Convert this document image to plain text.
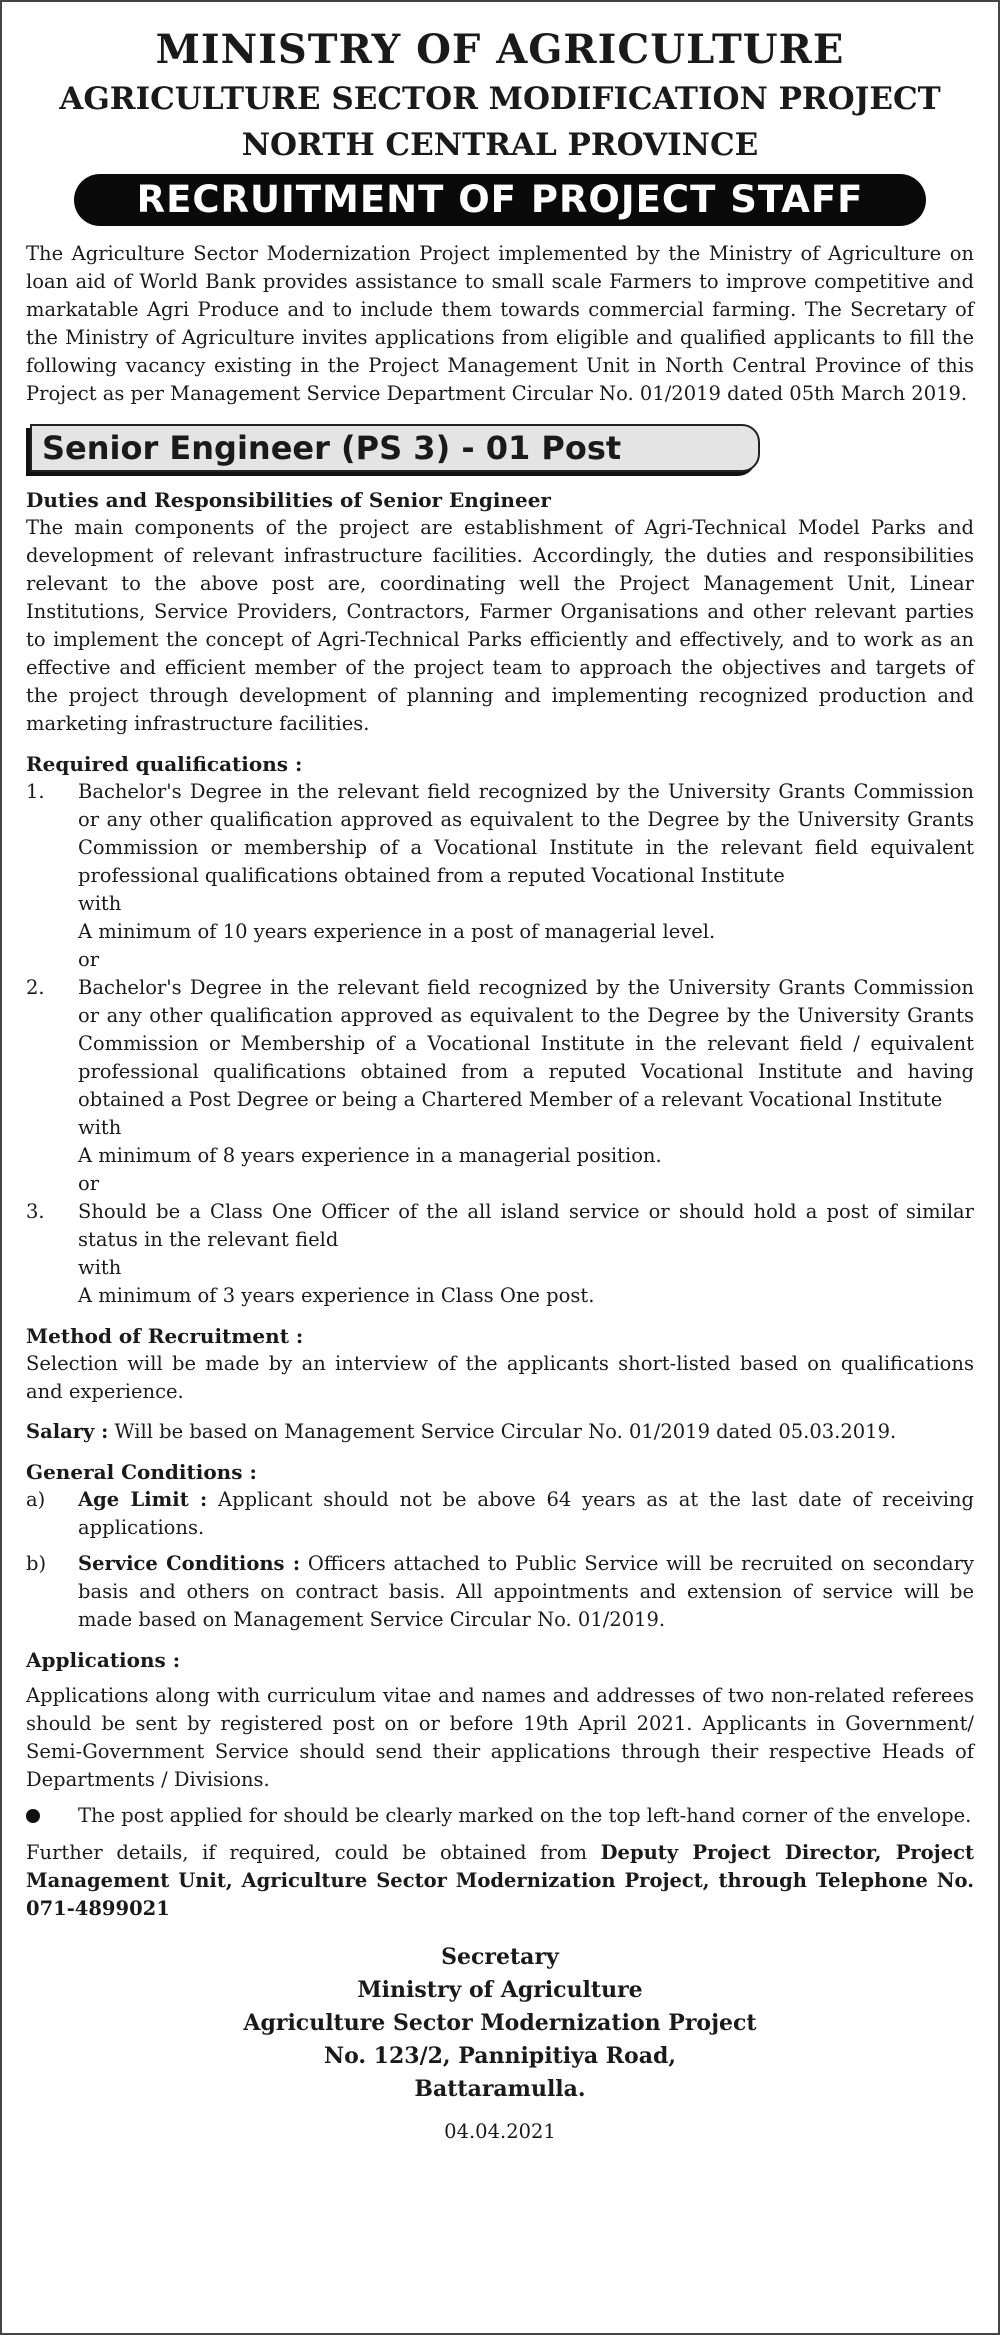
MINISTRY OF AGRICULTURE
AGRICULTURE SECTOR MODIFICATION PROJECT
NORTH CENTRAL PROVINCE
RECRUITMENT OF PROJECT STAFF

The Agriculture Sector Modernization Project implemented by the Ministry of Agriculture on loan aid of World Bank provides assistance to small scale Farmers to improve competitive and markatable Agri Produce and to include them towards commercial farming. The Secretary of the Ministry of Agriculture invites applications from eligible and qualified applicants to fill the following vacancy existing in the Project Management Unit in North Central Province of this Project as per Management Service Department Circular No. 01/2019 dated 05th March 2019.

Senior Engineer (PS 3) - 01 Post
Duties and Responsibilities of Senior Engineer

The main components of the project are establishment of Agri-Technical Model Parks and development of relevant infrastructure facilities. Accordingly, the duties and responsibilities relevant to the above post are, coordinating well the Project Management Unit, Linear Institutions, Service Providers, Contractors, Farmer Organisations and other relevant parties to implement the concept of Agri-Technical Parks efficiently and effectively, and to work as an effective and efficient member of the project team to approach the objectives and targets of the project through development of planning and implementing recognized production and marketing infrastructure facilities.

Required qualifications :
1.	Bachelor's Degree in the relevant field recognized by the University Grants Commission or any other qualification approved as equivalent to the Degree by the University Grants Commission or membership of a Vocational Institute in the relevant field equivalent professional qualifications obtained from a reputed Vocational Institute
with
A minimum of 10 years experience in a post of managerial level.
or
2.	Bachelor's Degree in the relevant field recognized by the University Grants Commission or any other qualification approved as equivalent to the Degree by the University Grants Commission or Membership of a Vocational Institute in the relevant field / equivalent professional qualifications obtained from a reputed Vocational Institute and having obtained a Post Degree or being a Chartered Member of a relevant Vocational Institute
with
A minimum of 8 years experience in a managerial position.
or
3.	Should be a Class One Officer of the all island service or should hold a post of similar status in the relevant field
with
A minimum of 3 years experience in Class One post.
Method of Recruitment :

Selection will be made by an interview of the applicants short-listed based on qualifications and experience.

Salary : Will be based on Management Service Circular No. 01/2019 dated 05.03.2019.

General Conditions :
a)	Age Limit : Applicant should not be above 64 years as at the last date of receiving applications.
b)	Service Conditions : Officers attached to Public Service will be recruited on secondary basis and others on contract basis. All appointments and extension of service will be made based on Management Service Circular No. 01/2019.
Applications :

Applications along with curriculum vitae and names and addresses of two non-related referees should be sent by registered post on or before 19th April 2021. Applicants in Government/ Semi-Government Service should send their applications through their respective Heads of Departments / Divisions.

The post applied for should be clearly marked on the top left-hand corner of the envelope.

Further details, if required, could be obtained from Deputy Project Director, Project Management Unit, Agriculture Sector Modernization Project, through Telephone No. 071-4899021

Secretary
Ministry of Agriculture
Agriculture Sector Modernization Project
No. 123/2, Pannipitiya Road,
Battaramulla.
04.04.2021
